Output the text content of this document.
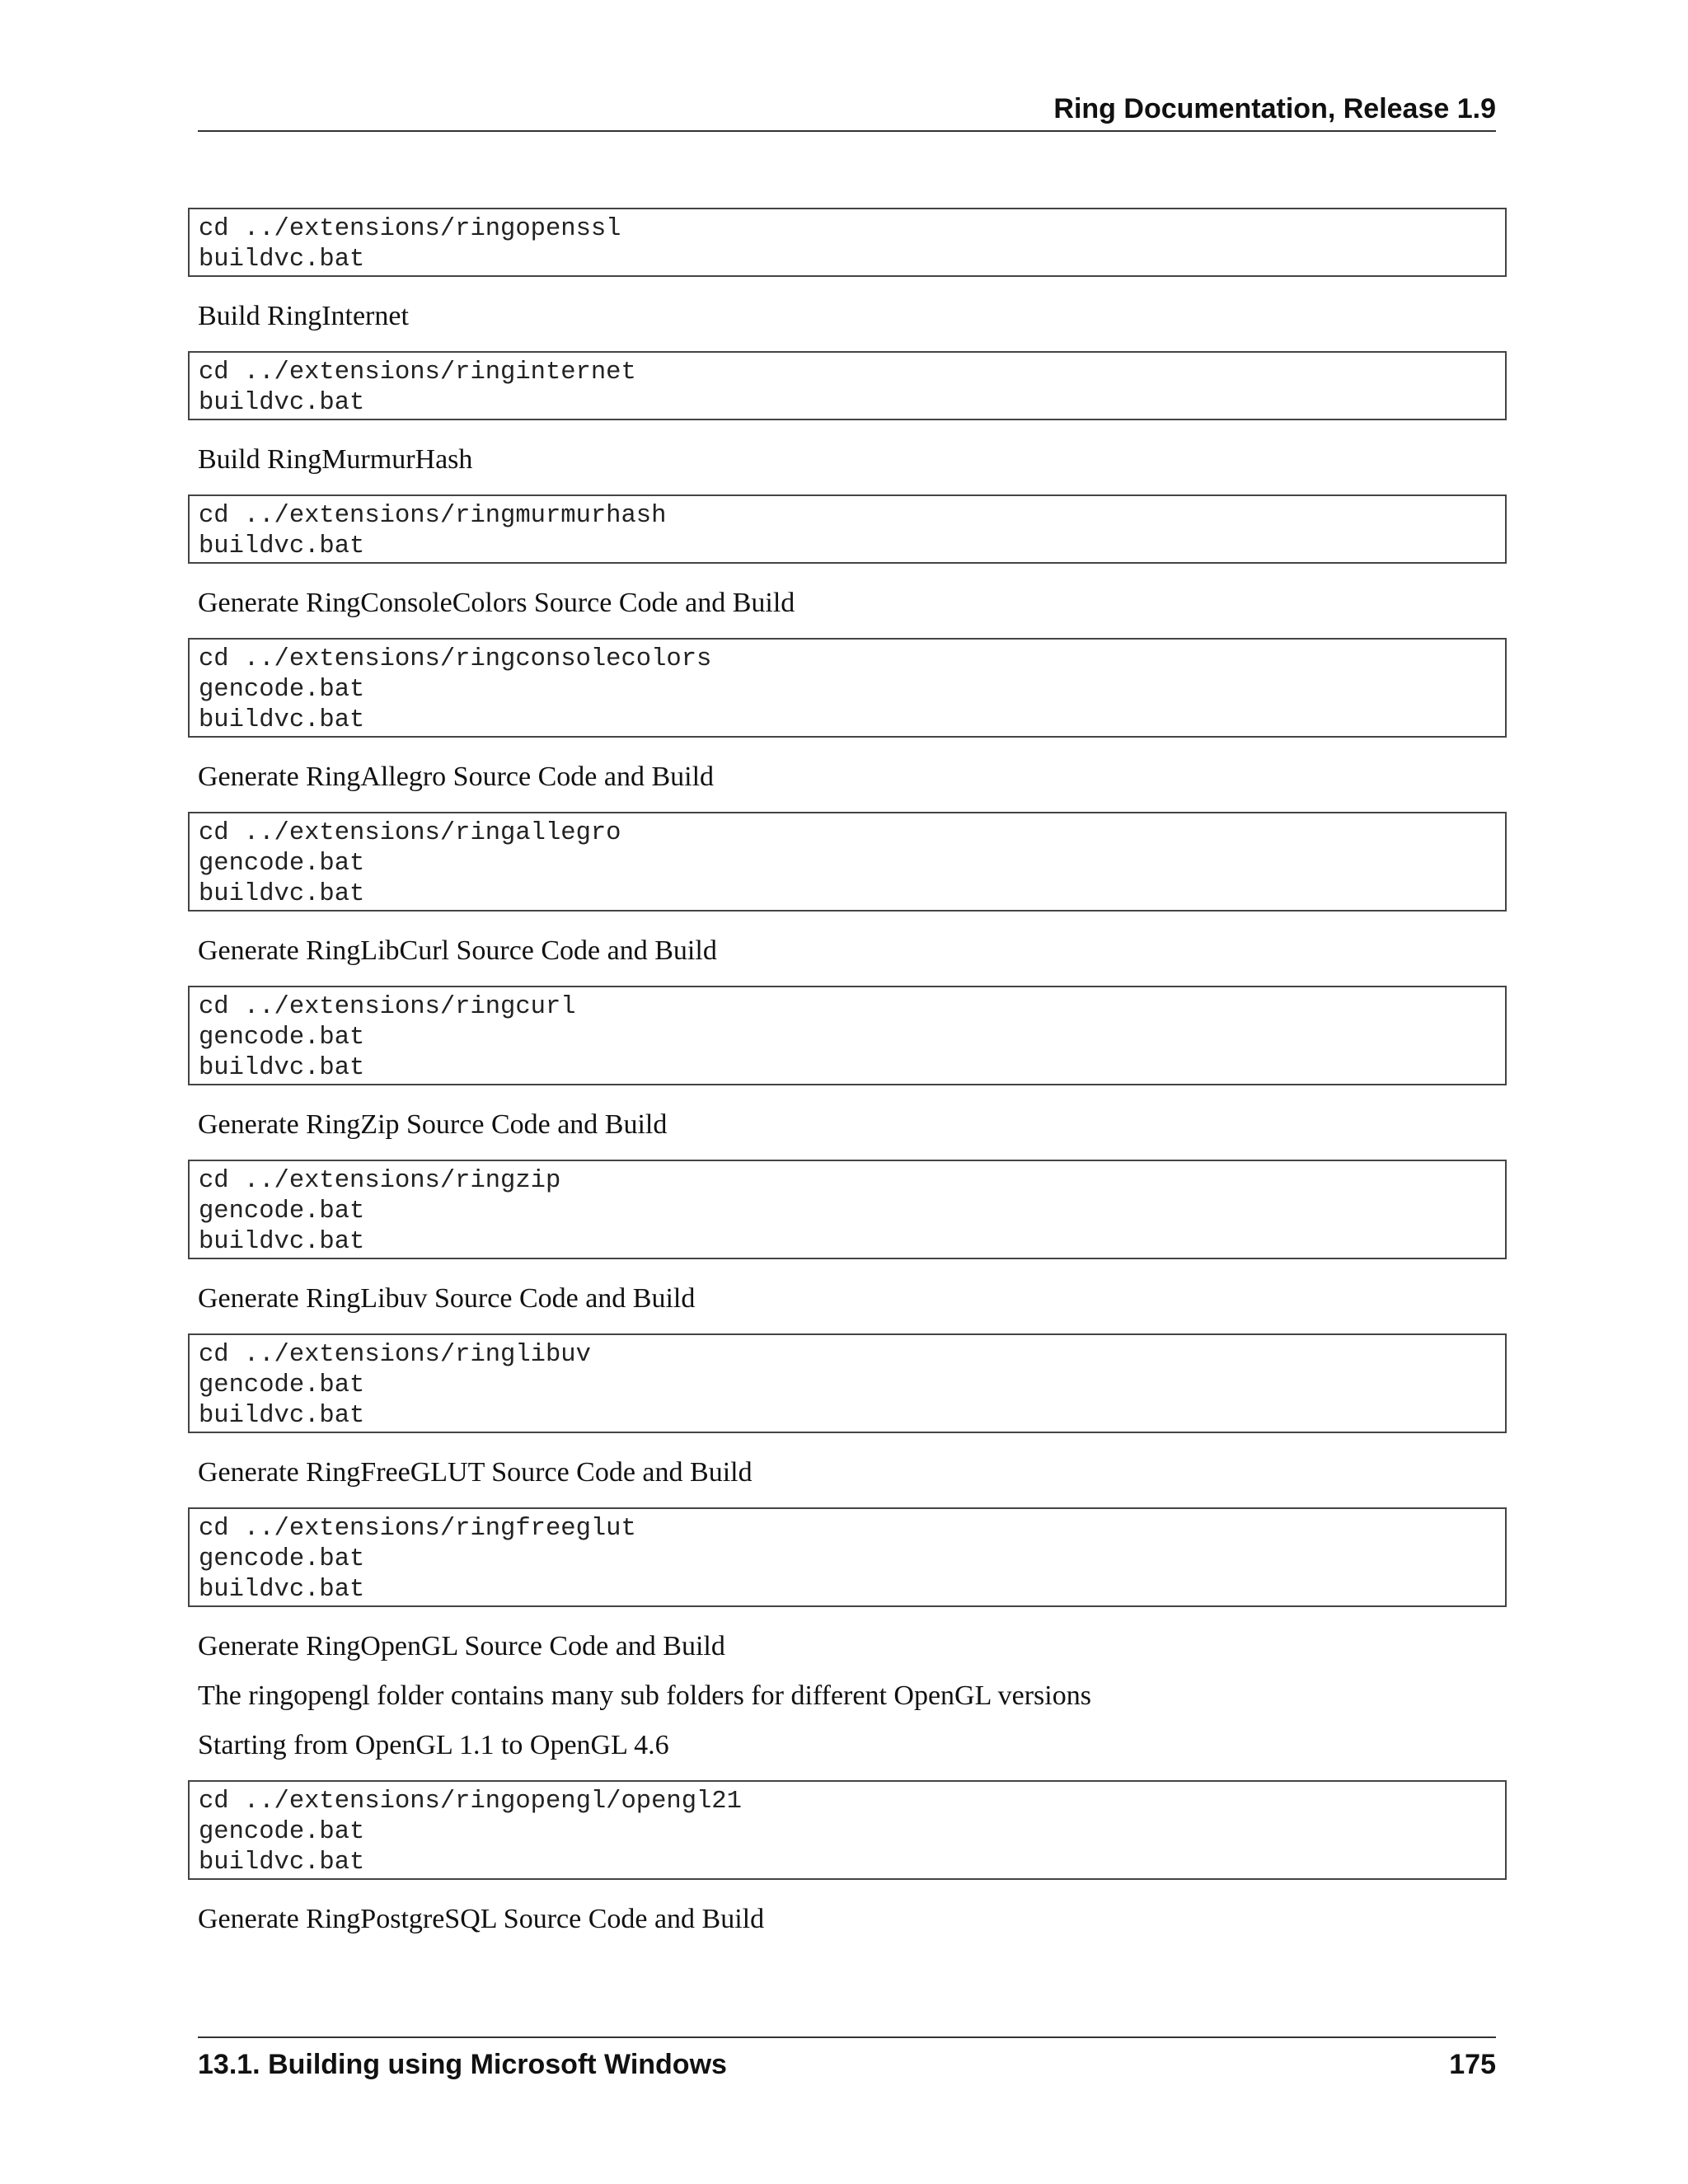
Ring Documentation, Release 1.9
cd ../extensions/ringopenssl
buildvc.bat

Build RingInternet

cd ../extensions/ringinternet
buildvc.bat

Build RingMurmurHash

cd ../extensions/ringmurmurhash
buildvc.bat

Generate RingConsoleColors Source Code and Build

cd ../extensions/ringconsolecolors
gencode.bat
buildvc.bat

Generate RingAllegro Source Code and Build

cd ../extensions/ringallegro
gencode.bat
buildvc.bat

Generate RingLibCurl Source Code and Build

cd ../extensions/ringcurl
gencode.bat
buildvc.bat

Generate RingZip Source Code and Build

cd ../extensions/ringzip
gencode.bat
buildvc.bat

Generate RingLibuv Source Code and Build

cd ../extensions/ringlibuv
gencode.bat
buildvc.bat

Generate RingFreeGLUT Source Code and Build

cd ../extensions/ringfreeglut
gencode.bat
buildvc.bat

Generate RingOpenGL Source Code and Build

The ringopengl folder contains many sub folders for different OpenGL versions

Starting from OpenGL 1.1 to OpenGL 4.6

cd ../extensions/ringopengl/opengl21
gencode.bat
buildvc.bat

Generate RingPostgreSQL Source Code and Build

13.1. Building using Microsoft Windows	175
